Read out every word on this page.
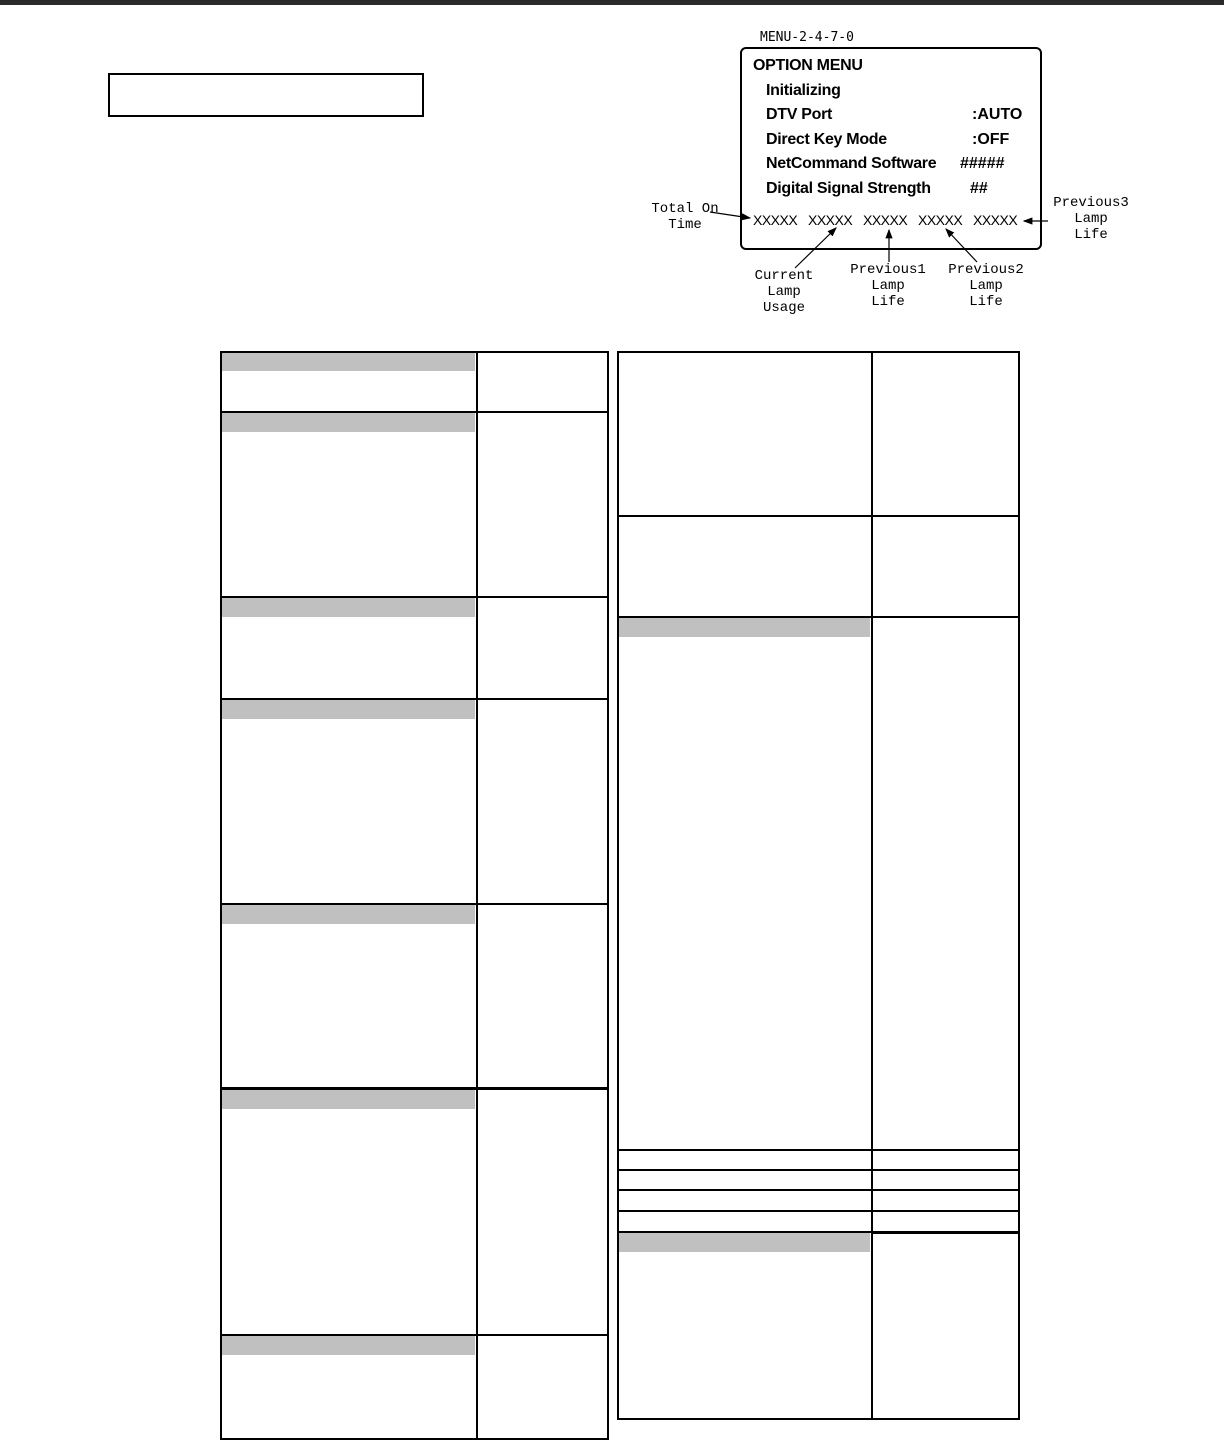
MENU-2-4-7-0
OPTION MENU
Initializing
DTV Port	:AUTO
Direct Key Mode	:OFF
NetCommand Software #####
Digital Signal Strength ##
XXXXX XXXXX XXXXX XXXXX XXXXX
Total On
Time
Current
Lamp
Usage
Previous1
Lamp
Life
Previous2
Lamp
Life
Previous3
Lamp
Life
